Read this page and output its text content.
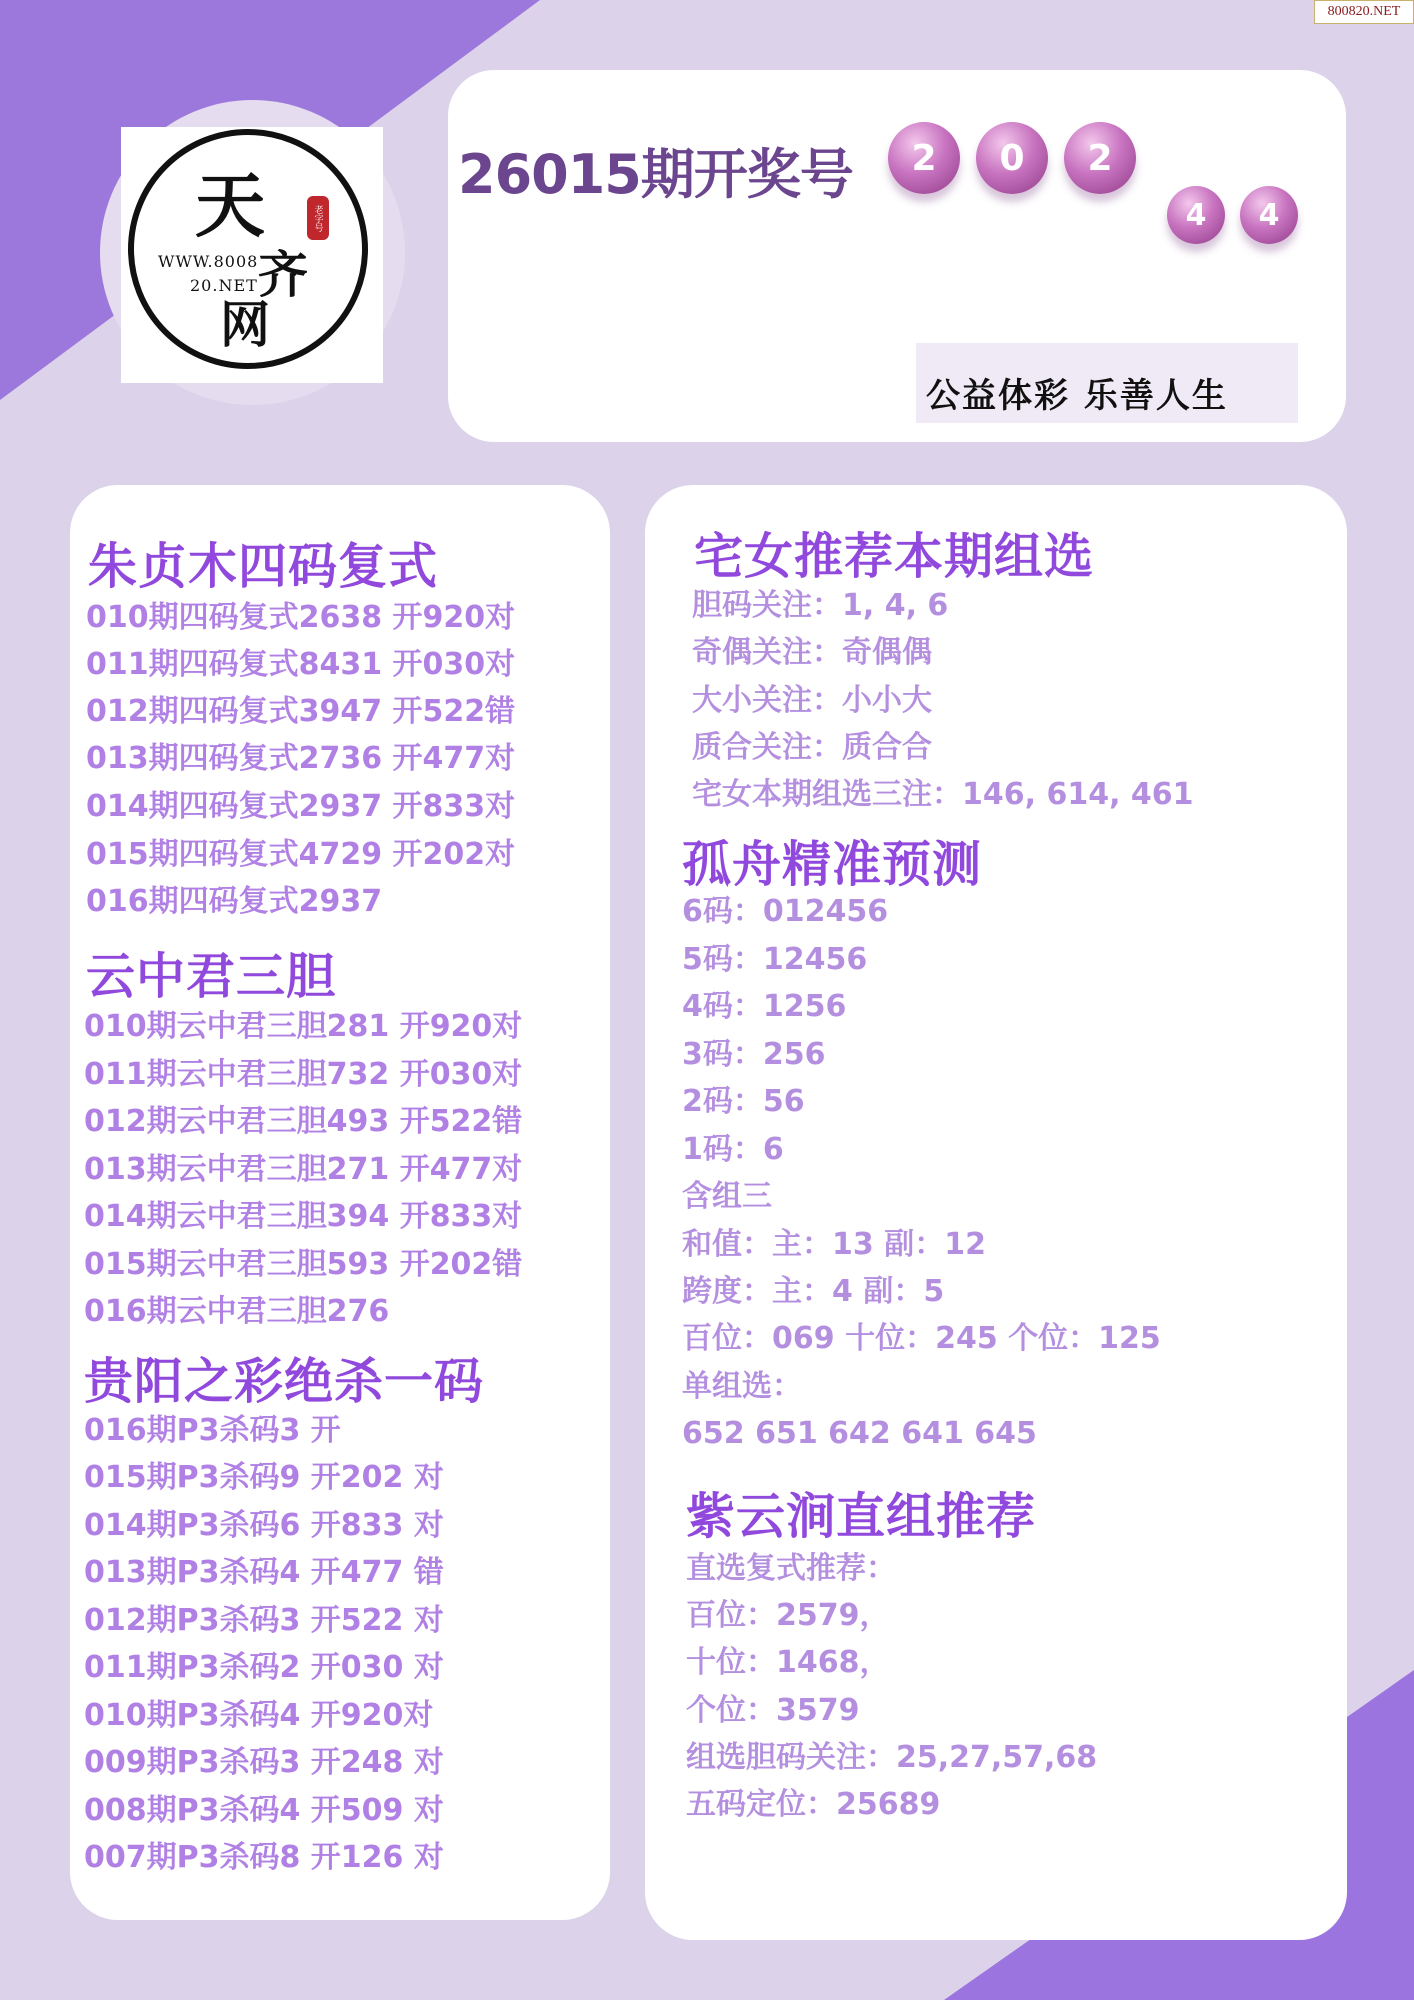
800820.NET
天
齐
网
WWW.8008
20.NET
老字号
26015期开奖号	2	0	2
4	4
公益体彩 乐善人生
朱贞木四码复式
010期四码复式2638 开920对
011期四码复式8431 开030对
012期四码复式3947 开522错
013期四码复式2736 开477对
014期四码复式2937 开833对
015期四码复式4729 开202对
016期四码复式2937
云中君三胆
010期云中君三胆281 开920对
011期云中君三胆732 开030对
012期云中君三胆493 开522错
013期云中君三胆271 开477对
014期云中君三胆394 开833对
015期云中君三胆593 开202错
016期云中君三胆276
贵阳之彩绝杀一码
016期P3杀码3 开
015期P3杀码9 开202 对
014期P3杀码6 开833 对
013期P3杀码4 开477 错
012期P3杀码3 开522 对
011期P3杀码2 开030 对
010期P3杀码4 开920对
009期P3杀码3 开248 对
008期P3杀码4 开509 对
007期P3杀码8 开126 对
宅女推荐本期组选
胆码关注：1, 4, 6
奇偶关注：奇偶偶
大小关注：小小大
质合关注：质合合
宅女本期组选三注：146, 614, 461
孤舟精准预测
6码：012456
5码：12456
4码：1256
3码：256
2码：56
1码：6
含组三
和值：主：13 副：12
跨度：主：4 副：5
百位：069 十位：245 个位：125
单组选：
652 651 642 641 645
紫云涧直组推荐
直选复式推荐：
百位：2579，
十位：1468，
个位：3579
组选胆码关注：25,27,57,68
五码定位：25689
